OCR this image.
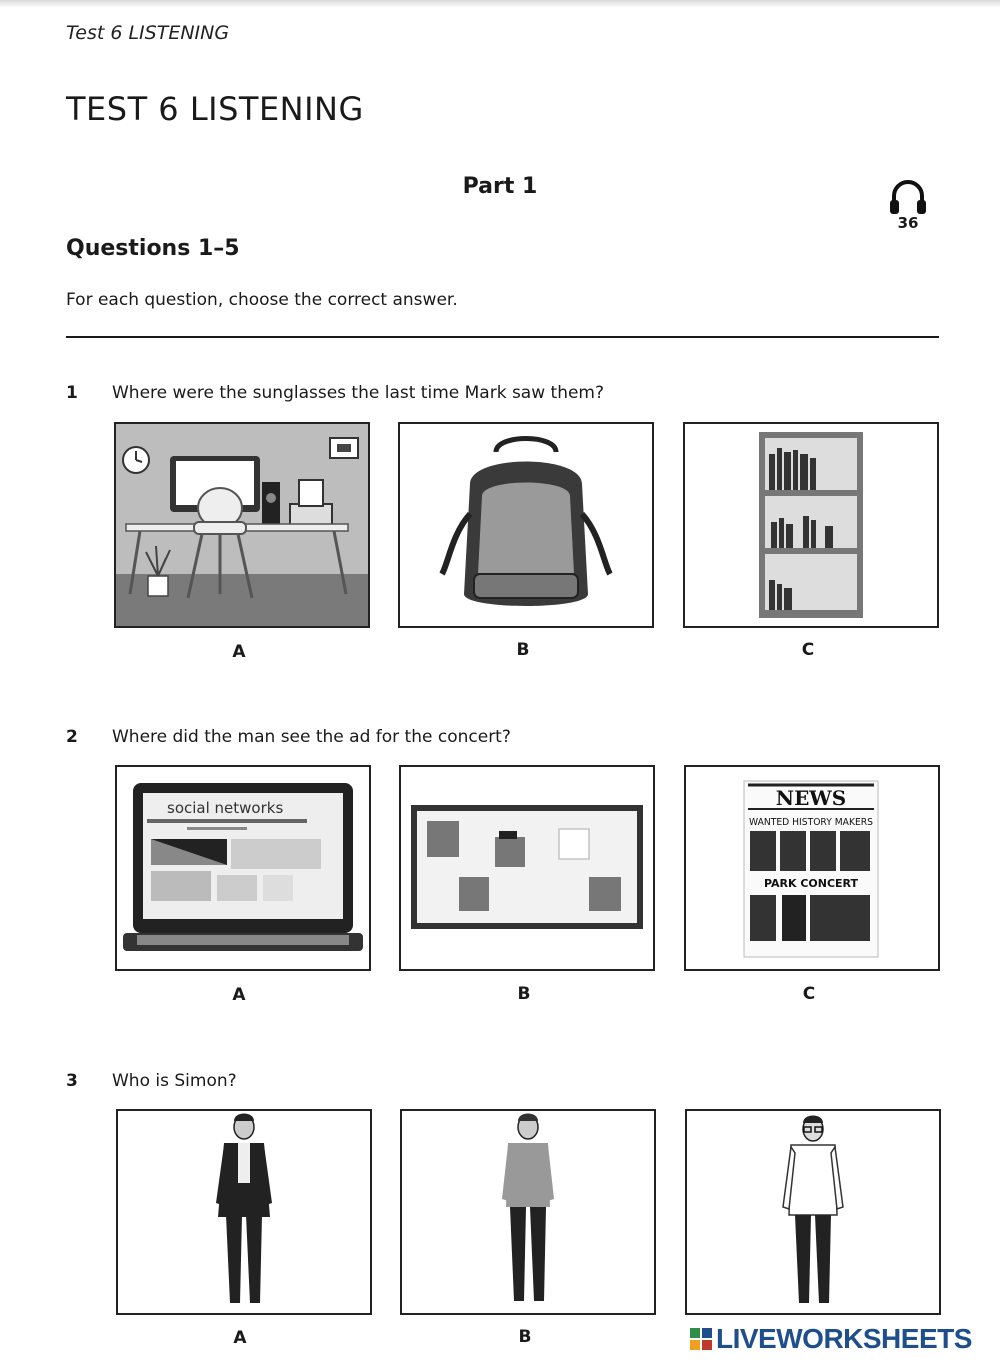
Test 6 LISTENING
TEST 6 LISTENING
Part 1
36
Questions 1–5
For each question, choose the correct answer.
1 Where were the sunglasses the last time Mark saw them?
A	B	C
2 Where did the man see the ad for the concert?
social networks	NEWS
WANTED HISTORY MAKERS
PARK CONCERT
A	B	C
3 Who is Simon?
A	B	LIVEWORKSHEETS
